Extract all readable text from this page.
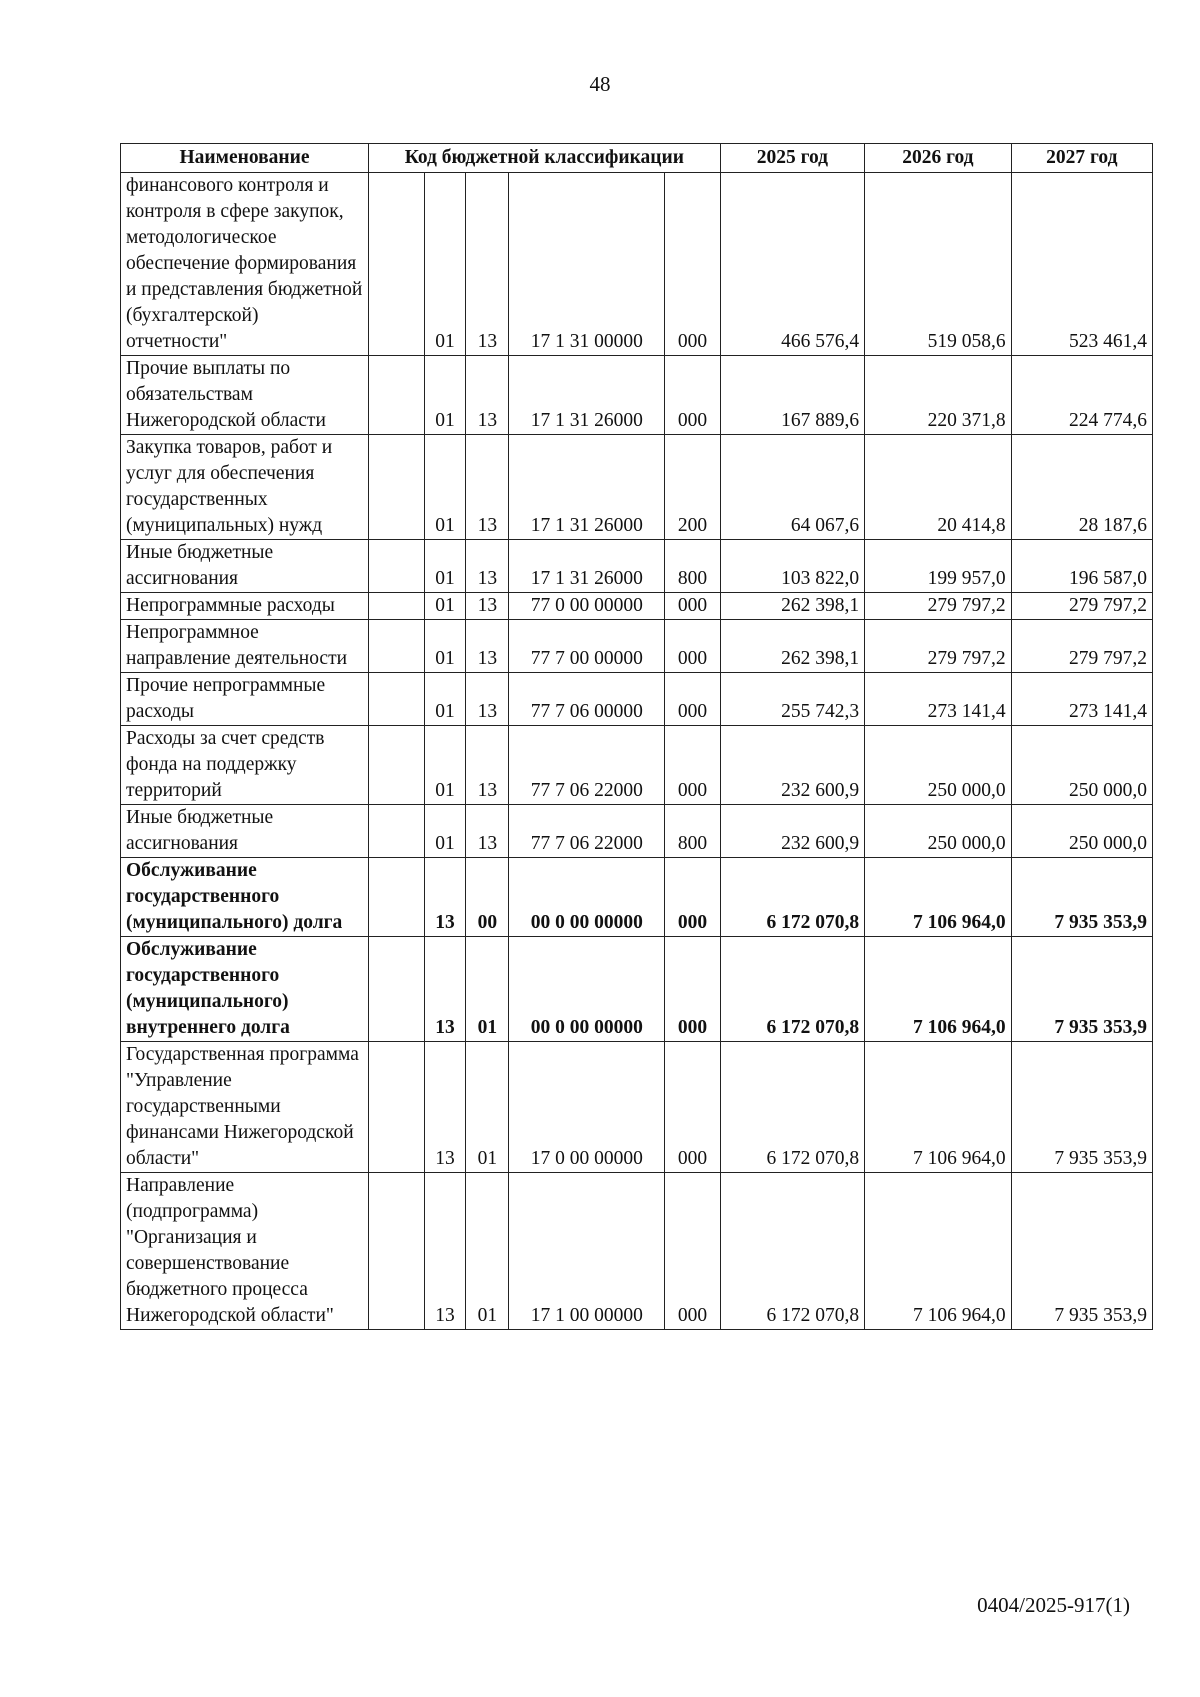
48
Наименование	Код бюджетной классификации					2025 год	2026 год	2027 год
финансового контроля и контроля в сфере закупок, методологическое обеспечение формирования и представления бюджетной (бухгалтерской) отчетности"		01	13	17 1 31 00000	000	466 576,4	519 058,6	523 461,4
Прочие выплаты по обязательствам Нижегородской области		01	13	17 1 31 26000	000	167 889,6	220 371,8	224 774,6
Закупка товаров, работ и услуг для обеспечения государственных (муниципальных) нужд		01	13	17 1 31 26000	200	64 067,6	20 414,8	28 187,6
Иные бюджетные ассигнования		01	13	17 1 31 26000	800	103 822,0	199 957,0	196 587,0
Непрограммные расходы		01	13	77 0 00 00000	000	262 398,1	279 797,2	279 797,2
Непрограммное направление деятельности		01	13	77 7 00 00000	000	262 398,1	279 797,2	279 797,2
Прочие непрограммные расходы		01	13	77 7 06 00000	000	255 742,3	273 141,4	273 141,4
Расходы за счет средств фонда на поддержку территорий		01	13	77 7 06 22000	000	232 600,9	250 000,0	250 000,0
Иные бюджетные ассигнования		01	13	77 7 06 22000	800	232 600,9	250 000,0	250 000,0
Обслуживание государственного (муниципального) долга		13	00	00 0 00 00000	000	6 172 070,8	7 106 964,0	7 935 353,9
Обслуживание государственного (муниципального) внутреннего долга		13	01	00 0 00 00000	000	6 172 070,8	7 106 964,0	7 935 353,9
Государственная программа "Управление государственными финансами Нижегородской области"		13	01	17 0 00 00000	000	6 172 070,8	7 106 964,0	7 935 353,9
Направление (подпрограмма) "Организация и совершенствование бюджетного процесса Нижегородской области"		13	01	17 1 00 00000	000	6 172 070,8	7 106 964,0	7 935 353,9
0404/2025-917(1)
